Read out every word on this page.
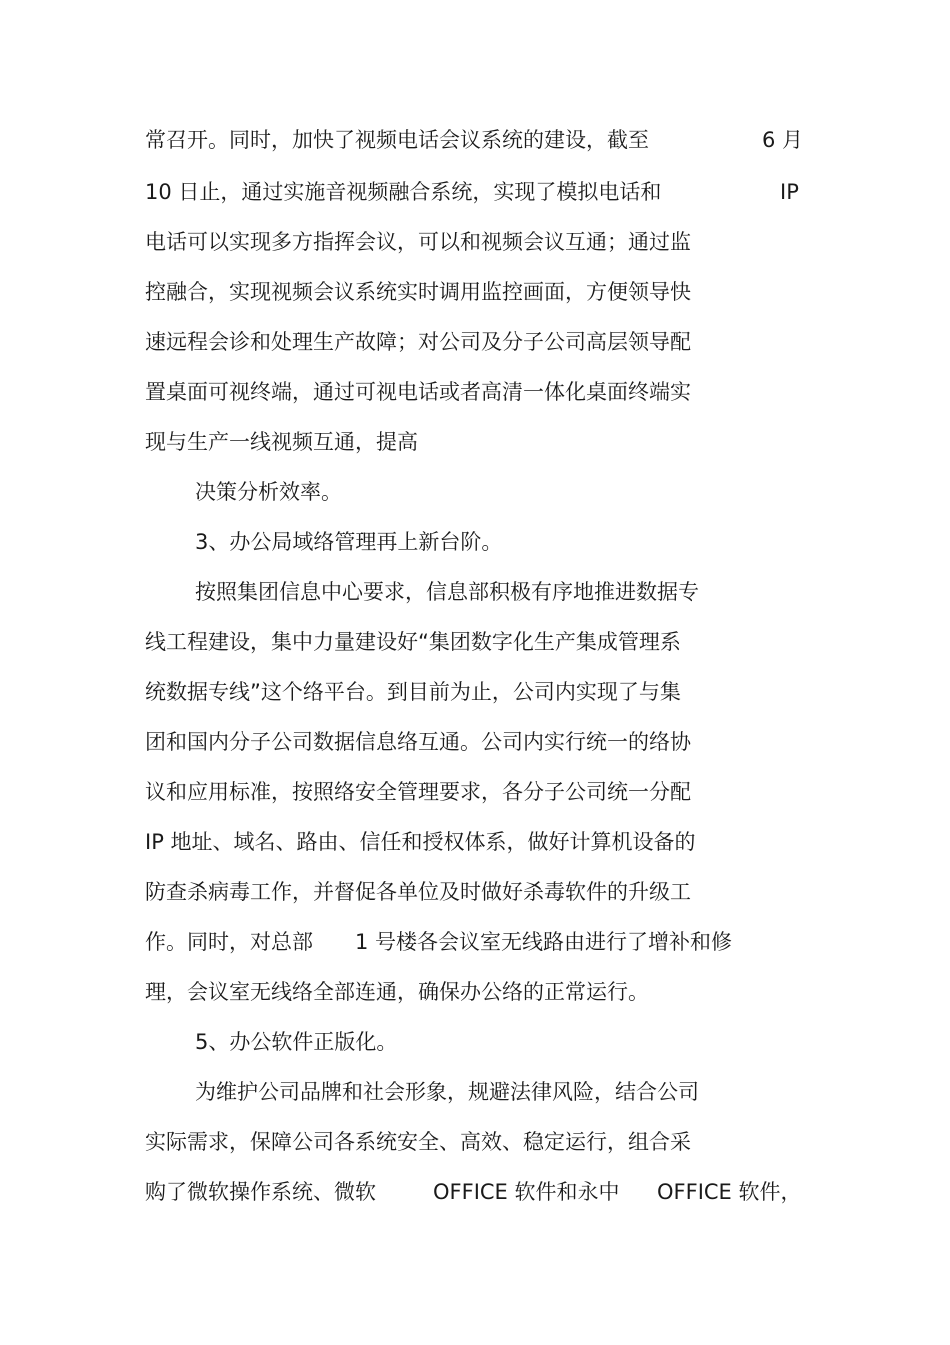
常召开。同时，加快了视频电话会议系统的建设，截至	6 月
10 日止，通过实施音视频融合系统，实现了模拟电话和	IP
电话可以实现多方指挥会议，可以和视频会议互通；通过监
控融合，实现视频会议系统实时调用监控画面，方便领导快
速远程会诊和处理生产故障；对公司及分子公司高层领导配
置桌面可视终端，通过可视电话或者高清一体化桌面终端实
现与生产一线视频互通，提高
决策分析效率。
3、办公局域络管理再上新台阶。
按照集团信息中心要求，信息部积极有序地推进数据专
线工程建设，集中力量建设好“集团数字化生产集成管理系
统数据专线”这个络平台。到目前为止，公司内实现了与集
团和国内分子公司数据信息络互通。公司内实行统一的络协
议和应用标准，按照络安全管理要求，各分子公司统一分配
IP 地址、域名、路由、信任和授权体系，做好计算机设备的
防查杀病毒工作，并督促各单位及时做好杀毒软件的升级工
作。同时，对总部 1 号楼各会议室无线路由进行了增补和修
理，会议室无线络全部连通，确保办公络的正常运行。
5、办公软件正版化。
为维护公司品牌和社会形象，规避法律风险，结合公司
实际需求，保障公司各系统安全、高效、稳定运行，组合采
购了微软操作系统、微软	OFFICE 软件和永中 OFFICE 软件，
